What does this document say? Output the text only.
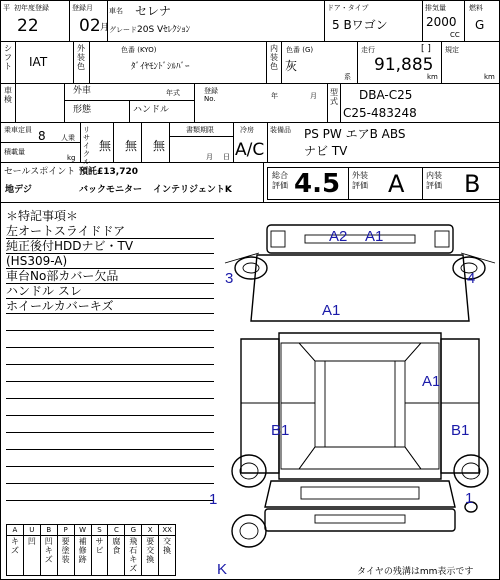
平 初年度登録
22
登録月
02 月
車名 セレナ
グレード 20S Vｾﾚｸｼｮﾝ
ドア・タイプ
5 Bワゴン
排気量
2000
CC
燃料
G
シフト IAT
外装色
色番 (KYO)
ﾀﾞｲﾔﾓﾝﾄﾞｼﾙﾊﾞｰ
内装色
色番 (G)
灰
系
走行	[ ]
91,885
km
規定
km
車検
外車	年式
形態	ハンドル
登録 No.	年	月 型式 DBA-C25
C25-483248
乗車定員 8 人乗
積載量
kg
リサイクル
無 無 無
書類期限
月 日
冷房
A/C
装備品 PS PW エアB ABS
ナビ TV
セールスポイント 預託£13,720
地デジ	バックモニター インテリジェントK
総合評価 4.5 外装評価 A	内装評価 B
＊特記事項＊
左オートスライドドア
純正後付HDDナビ・TV
(HS309-A)
車台No部カバー欠品
ハンドル スレ
ホイールカバーキズ
A
キズ
U
凹
B
凹キズ
P
要塗装
W
補修跡
S
サビ
C
腐食
G
飛石キズ
X
要交換
XX
交換
タイヤの残溝はmm表示です
A2 A1
A1
A1
B1	B1
3	4
1
1
K
